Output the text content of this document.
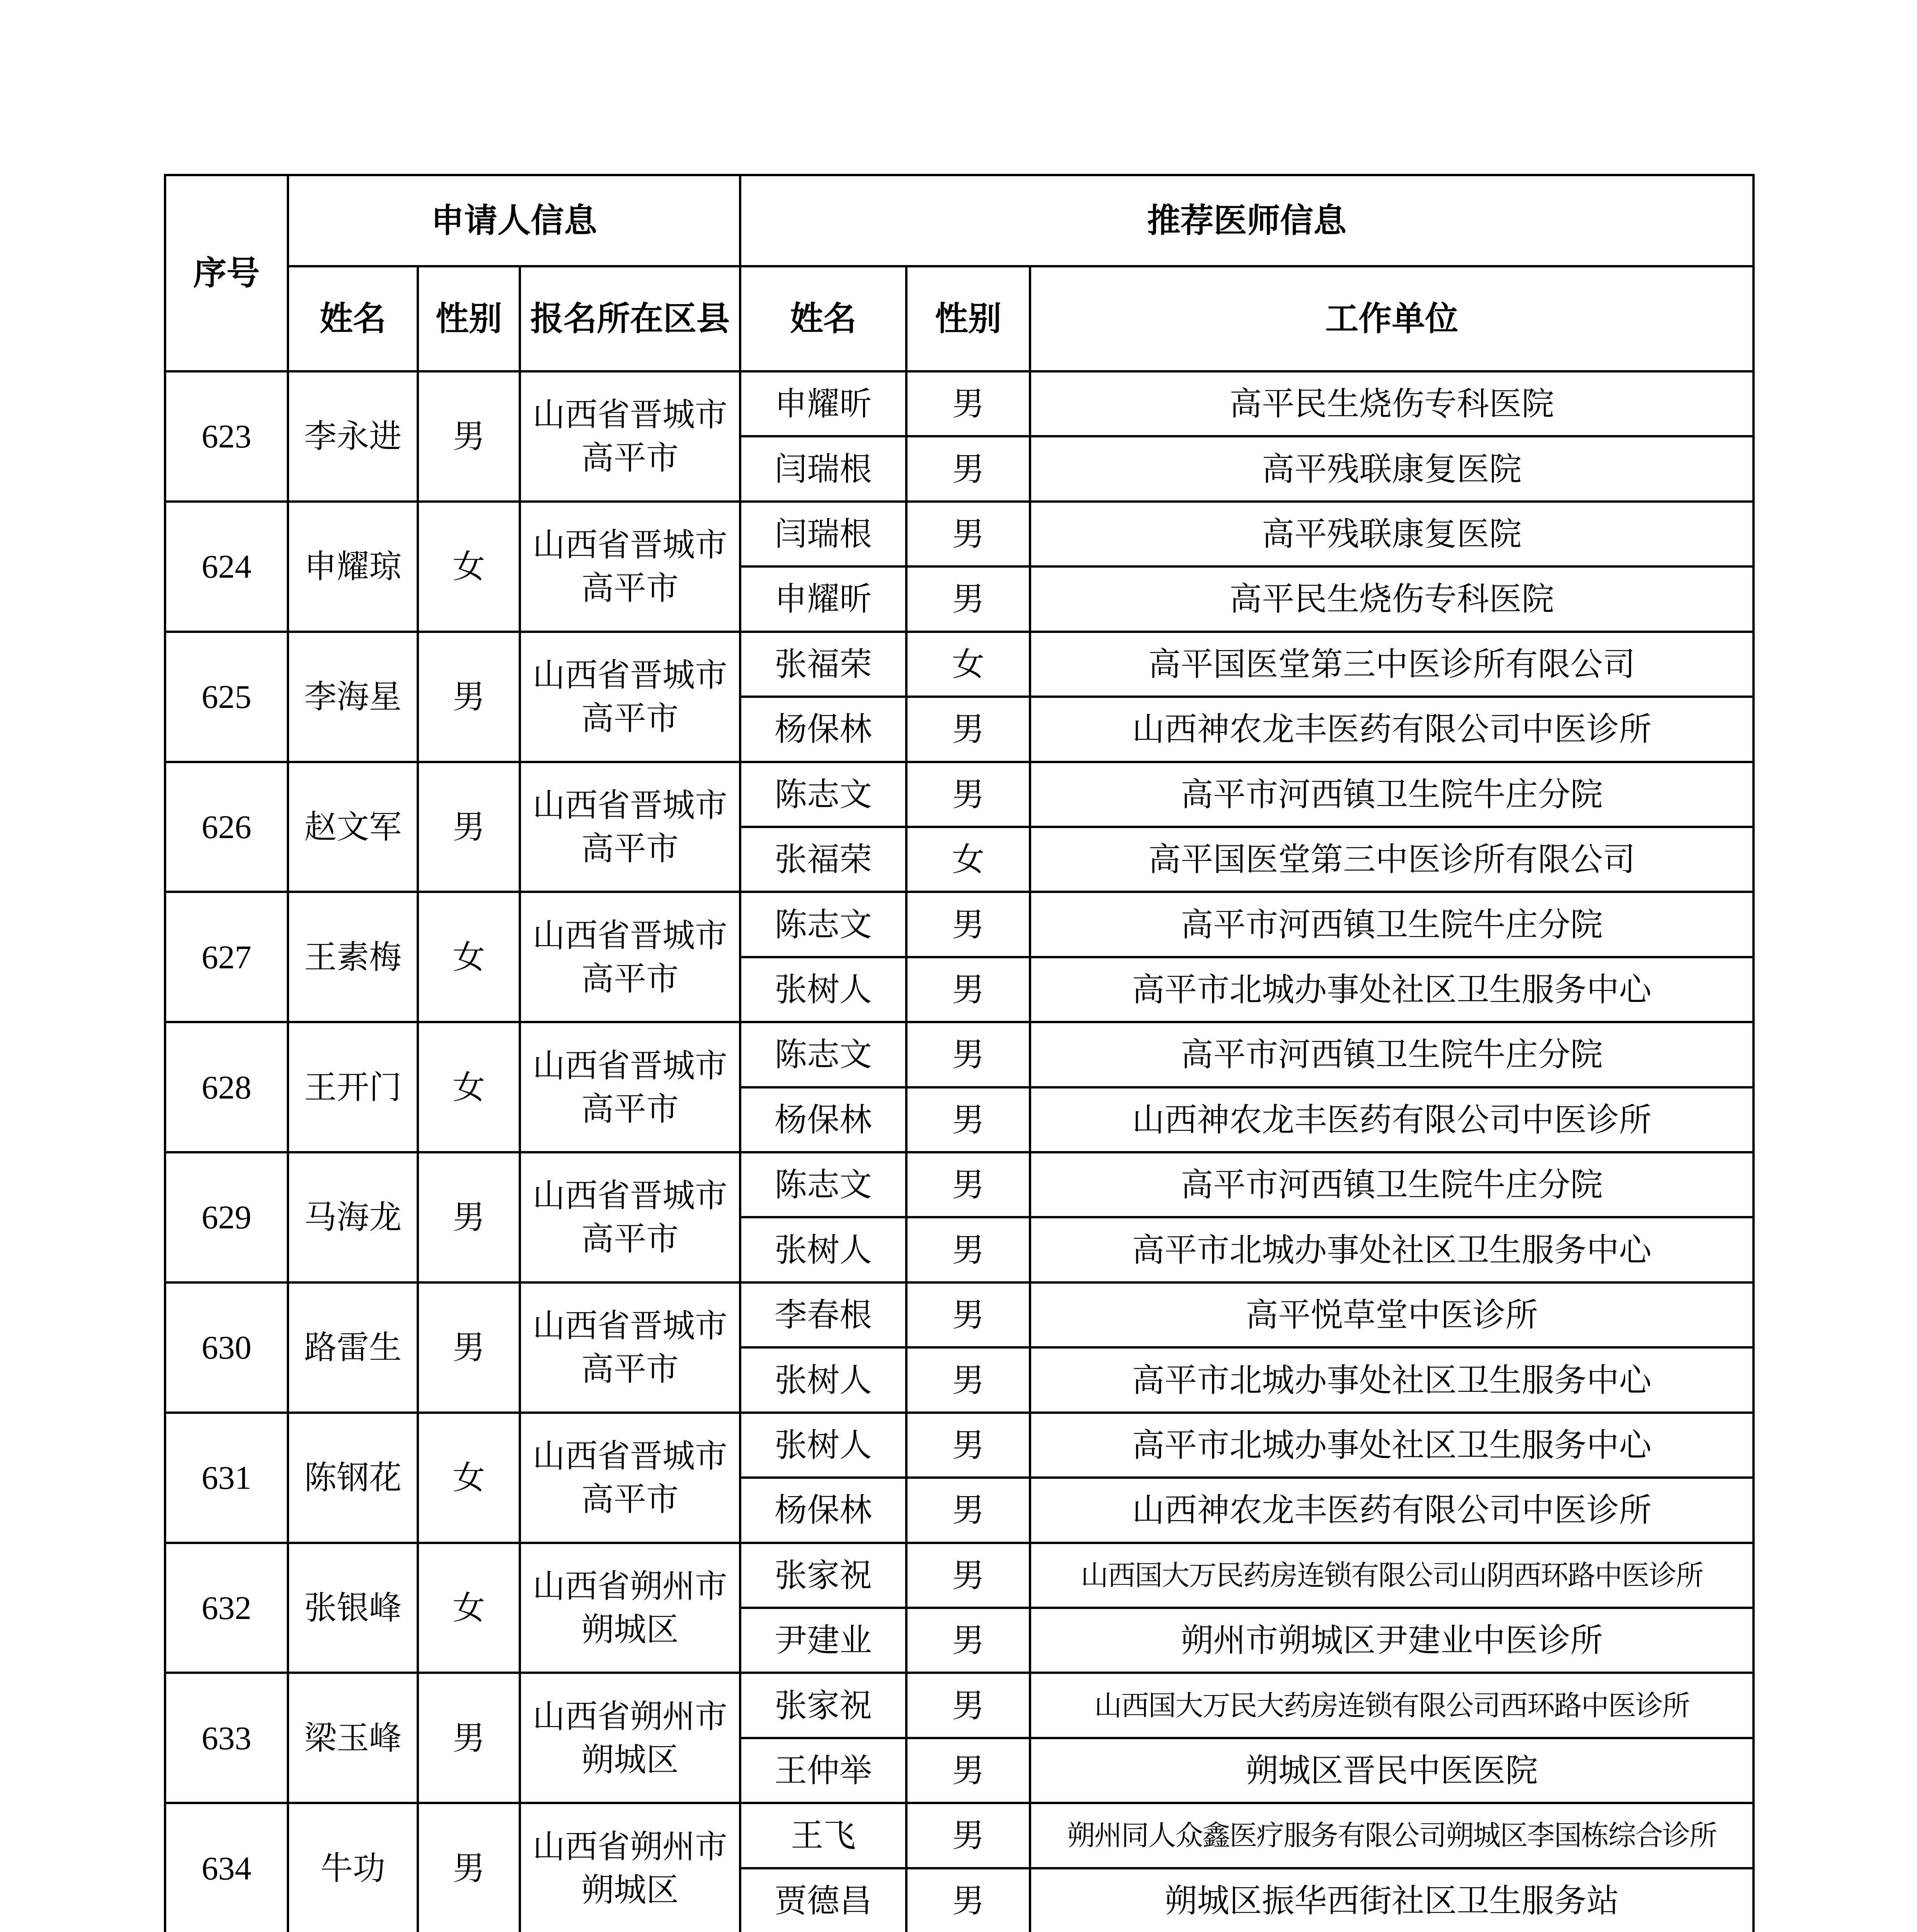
序号	申请人信息			推荐医师信息		
	姓名	性别	报名所在区县	姓名	性别	工作单位
623	李永进	男	山西省晋城市高平市	申耀昕	男	高平民生烧伤专科医院
				闫瑞根	男	高平残联康复医院
624	申耀琼	女	山西省晋城市高平市	闫瑞根	男	高平残联康复医院
				申耀昕	男	高平民生烧伤专科医院
625	李海星	男	山西省晋城市高平市	张福荣	女	高平国医堂第三中医诊所有限公司
				杨保林	男	山西神农龙丰医药有限公司中医诊所
626	赵文军	男	山西省晋城市高平市	陈志文	男	高平市河西镇卫生院牛庄分院
				张福荣	女	高平国医堂第三中医诊所有限公司
627	王素梅	女	山西省晋城市高平市	陈志文	男	高平市河西镇卫生院牛庄分院
				张树人	男	高平市北城办事处社区卫生服务中心
628	王开门	女	山西省晋城市高平市	陈志文	男	高平市河西镇卫生院牛庄分院
				杨保林	男	山西神农龙丰医药有限公司中医诊所
629	马海龙	男	山西省晋城市高平市	陈志文	男	高平市河西镇卫生院牛庄分院
				张树人	男	高平市北城办事处社区卫生服务中心
630	路雷生	男	山西省晋城市高平市	李春根	男	高平悦草堂中医诊所
				张树人	男	高平市北城办事处社区卫生服务中心
631	陈钢花	女	山西省晋城市高平市	张树人	男	高平市北城办事处社区卫生服务中心
				杨保林	男	山西神农龙丰医药有限公司中医诊所
632	张银峰	女	山西省朔州市朔城区	张家祝	男	山西国大万民药房连锁有限公司山阴西环路中医诊所
				尹建业	男	朔州市朔城区尹建业中医诊所
633	梁玉峰	男	山西省朔州市朔城区	张家祝	男	山西国大万民大药房连锁有限公司西环路中医诊所
				王仲举	男	朔城区晋民中医医院
634	牛功	男	山西省朔州市朔城区	王飞	男	朔州同人众鑫医疗服务有限公司朔城区李国栋综合诊所
				贾德昌	男	朔城区振华西街社区卫生服务站
